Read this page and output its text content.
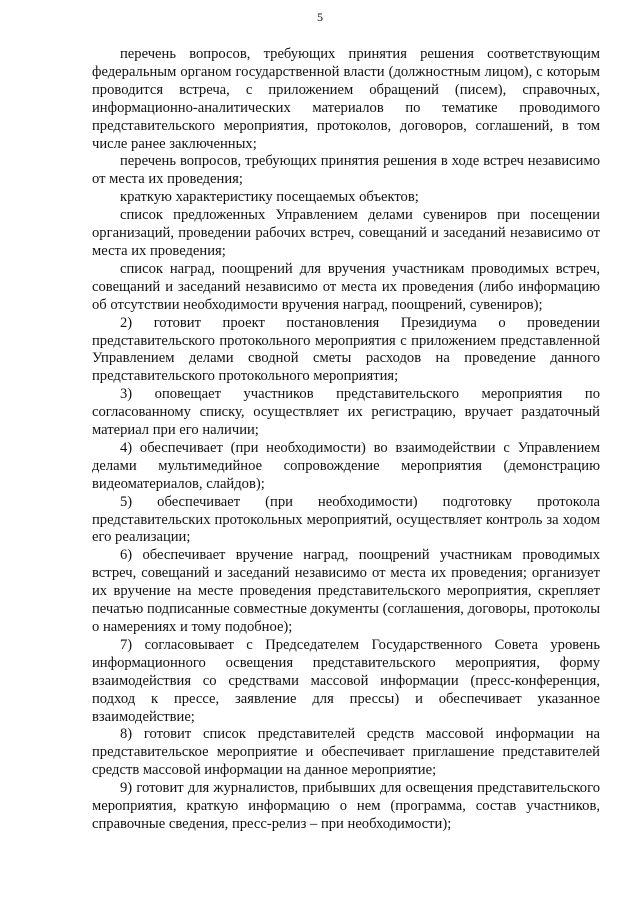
5

перечень вопросов, требующих принятия решения соответствующим федеральным органом государственной власти (должностным лицом), с которым проводится встреча, с приложением обращений (писем), справочных, информационно-аналитических материалов по тематике проводимого представительского мероприятия, протоколов, договоров, соглашений, в том числе ранее заключенных;

перечень вопросов, требующих принятия решения в ходе встреч независимо от места их проведения;

краткую характеристику посещаемых объектов;

список предложенных Управлением делами сувениров при посещении организаций, проведении рабочих встреч, совещаний и заседаний независимо от места их проведения;

список наград, поощрений для вручения участникам проводимых встреч, совещаний и заседаний независимо от места их проведения (либо информацию об отсутствии необходимости вручения наград, поощрений, сувениров);

2) готовит проект постановления Президиума о проведении представительского протокольного мероприятия с приложением представленной Управлением делами сводной сметы расходов на проведение данного представительского протокольного мероприятия;

3) оповещает участников представительского мероприятия по согласованному списку, осуществляет их регистрацию, вручает раздаточный материал при его наличии;

4) обеспечивает (при необходимости) во взаимодействии с Управлением делами мультимедийное сопровождение мероприятия (демонстрацию видеоматериалов, слайдов);

5) обеспечивает (при необходимости) подготовку протокола представительских протокольных мероприятий, осуществляет контроль за ходом его реализации;

6) обеспечивает вручение наград, поощрений участникам проводимых встреч, совещаний и заседаний независимо от места их проведения; организует их вручение на месте проведения представительского мероприятия, скрепляет печатью подписанные совместные документы (соглашения, договоры, протоколы о намерениях и тому подобное);

7) согласовывает с Председателем Государственного Совета уровень информационного освещения представительского мероприятия, форму взаимодействия со средствами массовой информации (пресс-конференция, подход к прессе, заявление для прессы) и обеспечивает указанное взаимодействие;

8) готовит список представителей средств массовой информации на представительское мероприятие и обеспечивает приглашение представителей средств массовой информации на данное мероприятие;

9) готовит для журналистов, прибывших для освещения представительского мероприятия, краткую информацию о нем (программа, состав участников, справочные сведения, пресс-релиз – при необходимости);
